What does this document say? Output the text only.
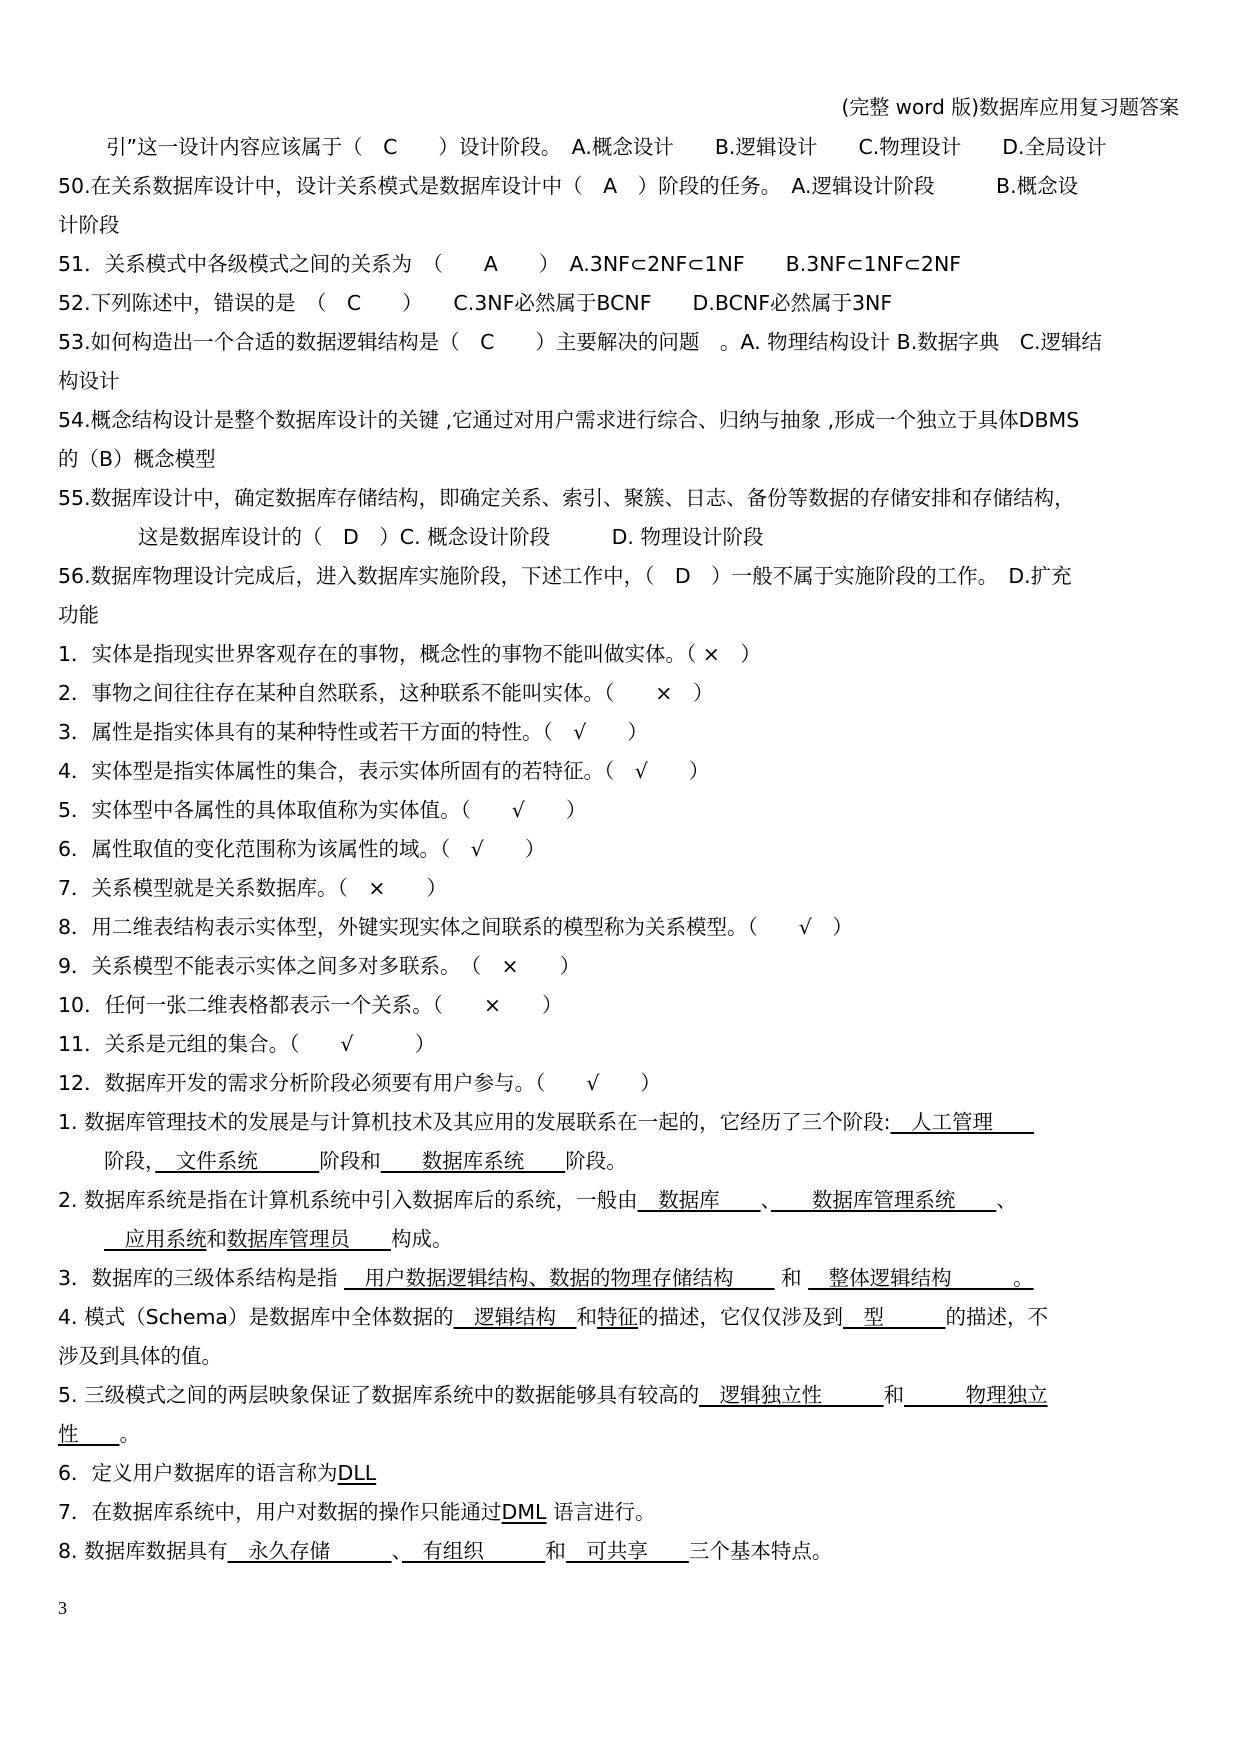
(完整 word 版)数据库应用复习题答案
引”这一设计内容应该属于（　C　　）设计阶段。　A.概念设计　　B.逻辑设计　　C.物理设计　　D.全局设计
50.在关系数据库设计中，设计关系模式是数据库设计中（　A　）阶段的任务。　A.逻辑设计阶段　　　B.概念设
计阶段
51．关系模式中各级模式之间的关系为　（　　A　　）　A.3NF⊂2NF⊂1NF　　B.3NF⊂1NF⊂2NF
52.下列陈述中，错误的是　（　C　　）　　C.3NF必然属于BCNF　　D.BCNF必然属于3NF
53.如何构造出一个合适的数据逻辑结构是（　C　　）主要解决的问题　。A. 物理结构设计 B.数据字典　C.逻辑结
构设计
54.概念结构设计是整个数据库设计的关键 ,它通过对用户需求进行综合、归纳与抽象 ,形成一个独立于具体DBMS
的（B）概念模型
55.数据库设计中，确定数据库存储结构，即确定关系、索引、聚簇、日志、备份等数据的存储安排和存储结构，
这是数据库设计的（　D　）C. 概念设计阶段　　　D. 物理设计阶段
56.数据库物理设计完成后，进入数据库实施阶段，下述工作中，（　D　）一般不属于实施阶段的工作。　D.扩充
功能
1．实体是指现实世界客观存在的事物，概念性的事物不能叫做实体。（ ×　）
2．事物之间往往存在某种自然联系，这种联系不能叫实体。（　　×　）
3．属性是指实体具有的某种特性或若干方面的特性。（　√　　）
4．实体型是指实体属性的集合，表示实体所固有的若特征。（　√　　）
5．实体型中各属性的具体取值称为实体值。（　　√　　）
6．属性取值的变化范围称为该属性的域。（　√　　）
7．关系模型就是关系数据库。（　×　　）
8．用二维表结构表示实体型，外键实现实体之间联系的模型称为关系模型。（　　√　）
9．关系模型不能表示实体之间多对多联系。　（　×　　）
10．任何一张二维表格都表示一个关系。（　　×　　）
11．关系是元组的集合。（　　√　　　）
12．数据库开发的需求分析阶段必须要有用户参与。（　　√　　）
1. 数据库管理技术的发展是与计算机技术及其应用的发展联系在一起的，它经历了三个阶段:　人工管理　　
阶段，　文件系统　　　阶段和　　数据库系统　　阶段。
2. 数据库系统是指在计算机系统中引入数据库后的系统，一般由　数据库　　、　　数据库管理系统　　、
　应用系统和数据库管理员　　构成。
3．数据库的三级体系结构是指 　用户数据逻辑结构、数据的物理存储结构　　 和 　整体逻辑结构　　　。
4. 模式（Schema）是数据库中全体数据的　逻辑结构　和特征的描述，它仅仅涉及到　型　　　的描述，不
涉及到具体的值。
5. 三级模式之间的两层映象保证了数据库系统中的数据能够具有较高的　逻辑独立性　　　和　　　物理独立
性　　。
6．定义用户数据库的语言称为DLL
7．在数据库系统中，用户对数据的操作只能通过DML 语言进行。
8. 数据库数据具有　永久存储　　　、　有组织　　　和　可共享　　三个基本特点。
3
